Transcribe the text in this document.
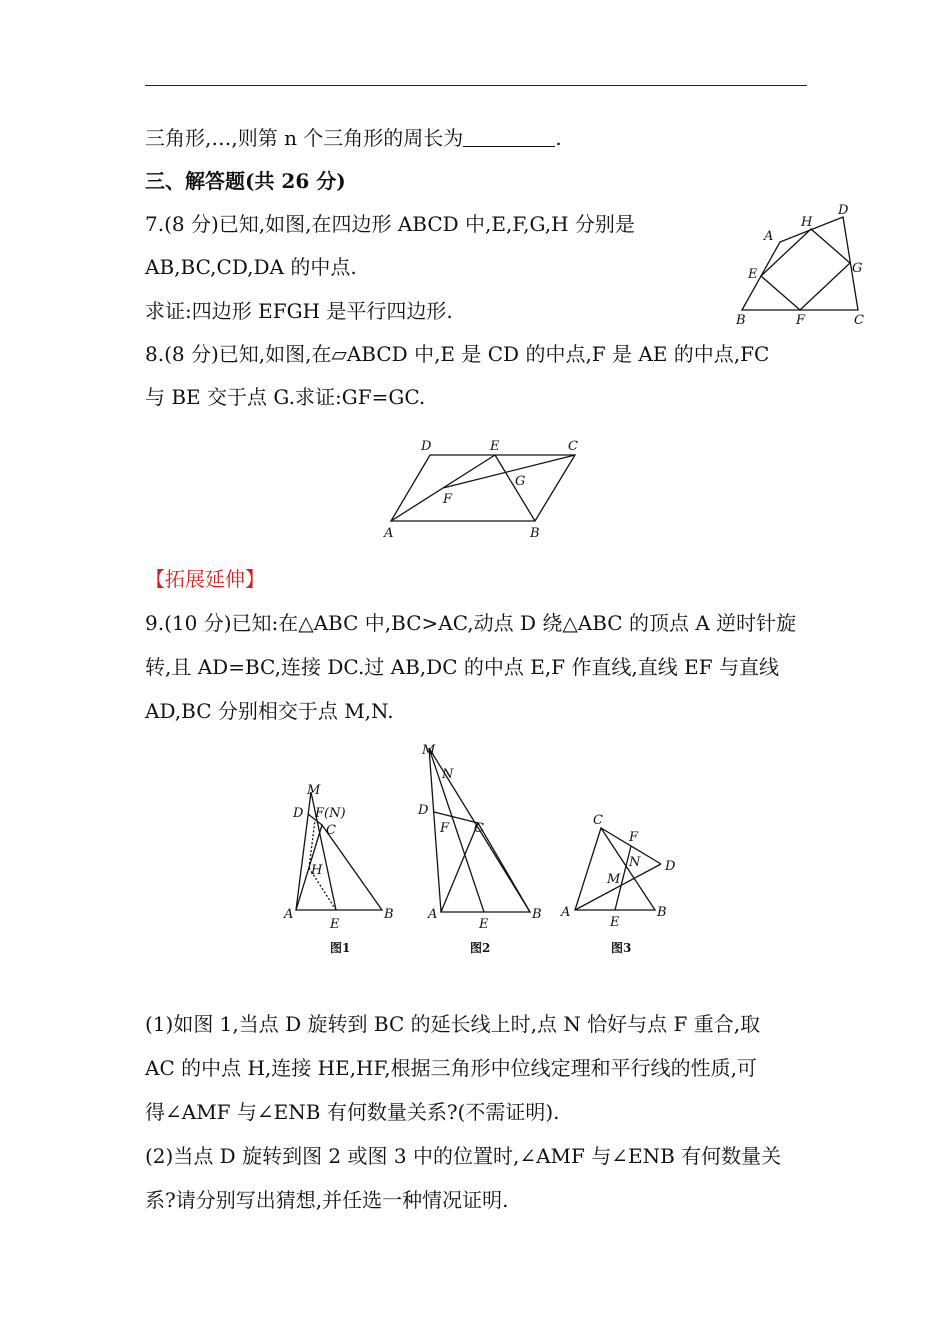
三角形,…,则第 n 个三角形的周长为	.
三、解答题(共 26 分)
7.(8 分)已知,如图,在四边形 ABCD 中,E,F,G,H 分别是
AB,BC,CD,DA 的中点.
求证:四边形 EFGH 是平行四边形.
8.(8 分)已知,如图,在▱ABCD 中,E 是 CD 的中点,F 是 AE 的中点,FC
与 BE 交于点 G.求证:GF=GC.
A
B	C
D
E
F
G
H
A	B
C
D	E
F
G
【拓展延伸】
9.(10 分)已知:在△ABC 中,BC>AC,动点 D 绕△ABC 的顶点 A 逆时针旋
转,且 AD=BC,连接 DC.过 AB,DC 的中点 E,F 作直线,直线 EF 与直线
AD,BC 分别相交于点 M,N.
M
D F(N)
C
H
A
E
B
图1
M
N
D
F C
A
E
B
图2
C
F
N D
M
A
E
B
图3
(1)如图 1,当点 D 旋转到 BC 的延长线上时,点 N 恰好与点 F 重合,取
AC 的中点 H,连接 HE,HF,根据三角形中位线定理和平行线的性质,可
得∠AMF 与∠ENB 有何数量关系?(不需证明).
(2)当点 D 旋转到图 2 或图 3 中的位置时,∠AMF 与∠ENB 有何数量关
系?请分别写出猜想,并任选一种情况证明.
